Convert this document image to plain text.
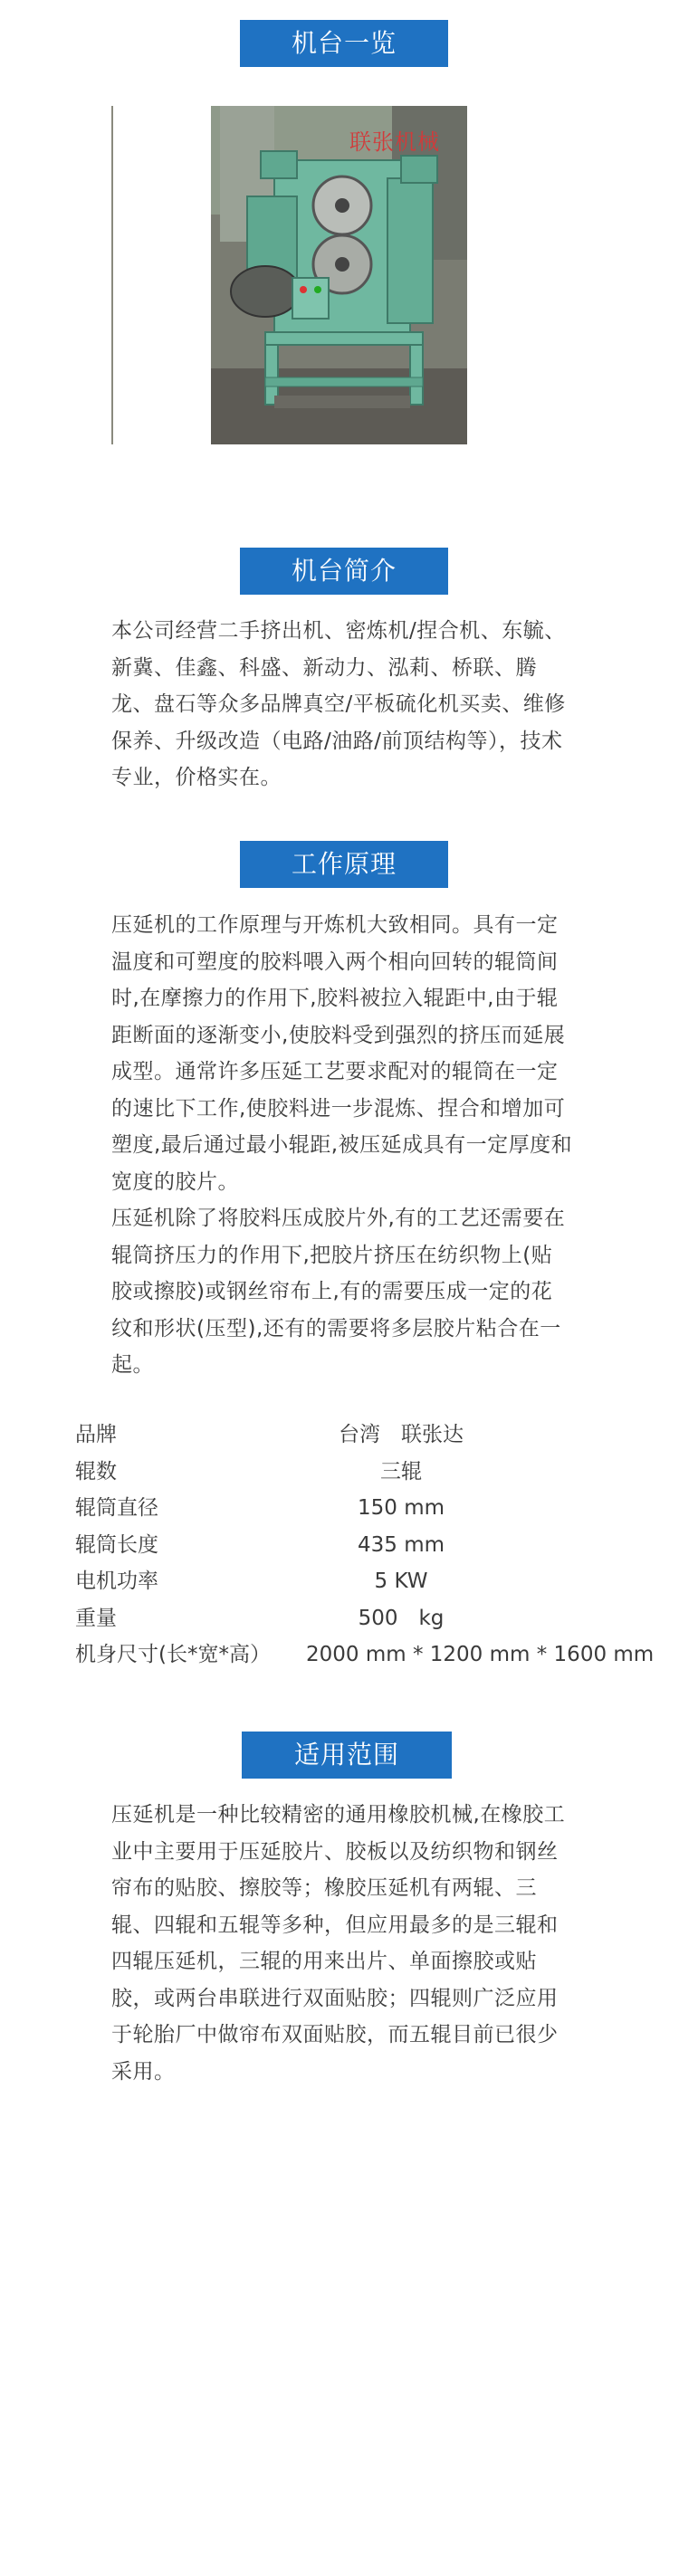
机台一览
联张机械
机台简介

本公司经营二手挤出机、密炼机/捏合机、东毓、新冀、佳鑫、科盛、新动力、泓莉、桥联、腾龙、盘石等众多品牌真空/平板硫化机买卖、维修保养、升级改造（电路/油路/前顶结构等），技术专业，价格实在。

工作原理

压延机的工作原理与开炼机大致相同。具有一定温度和可塑度的胶料喂入两个相向回转的辊筒间时,在摩擦力的作用下,胶料被拉入辊距中,由于辊距断面的逐渐变小,使胶料受到强烈的挤压而延展成型。通常许多压延工艺要求配对的辊筒在一定的速比下工作,使胶料进一步混炼、捏合和增加可塑度,最后通过最小辊距,被压延成具有一定厚度和宽度的胶片。

压延机除了将胶料压成胶片外,有的工艺还需要在辊筒挤压力的作用下,把胶片挤压在纺织物上(贴胶或擦胶)或钢丝帘布上,有的需要压成一定的花纹和形状(压型),还有的需要将多层胶片粘合在一起。

品牌	台湾　联张达
辊数	三辊
辊筒直径	150 mm
辊筒长度	435 mm
电机功率	5 KW
重量	500　kg
机身尺寸(长*宽*高） 2000 mm * 1200 mm * 1600 mm
适用范围

压延机是一种比较精密的通用橡胶机械,在橡胶工业中主要用于压延胶片、胶板以及纺织物和钢丝帘布的贴胶、擦胶等；橡胶压延机有两辊、三辊、四辊和五辊等多种，但应用最多的是三辊和四辊压延机，三辊的用来出片、单面擦胶或贴胶，或两台串联进行双面贴胶；四辊则广泛应用于轮胎厂中做帘布双面贴胶，而五辊目前已很少采用。
